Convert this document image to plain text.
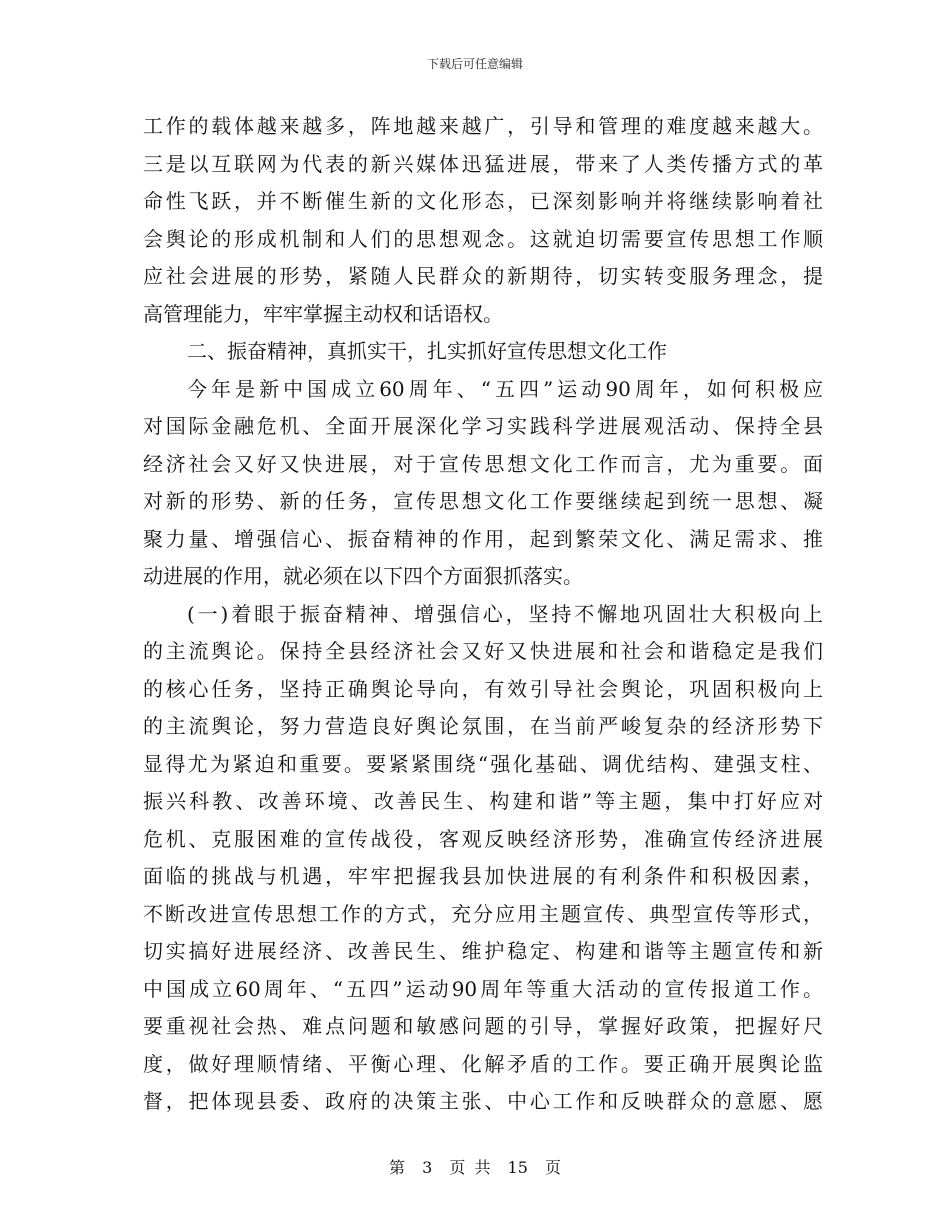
下载后可任意编辑
工作的载体越来越多，阵地越来越广，引导和管理的难度越来越大。
三是以互联网为代表的新兴媒体迅猛进展，带来了人类传播方式的革
命性飞跃，并不断催生新的文化形态，已深刻影响并将继续影响着社
会舆论的形成机制和人们的思想观念。这就迫切需要宣传思想工作顺
应社会进展的形势，紧随人民群众的新期待，切实转变服务理念，提
高管理能力，牢牢掌握主动权和话语权。
二、振奋精神，真抓实干，扎实抓好宣传思想文化工作
今年是新中国成立60周年、“五四”运动90周年，如何积极应
对国际金融危机、全面开展深化学习实践科学进展观活动、保持全县
经济社会又好又快进展，对于宣传思想文化工作而言，尤为重要。面
对新的形势、新的任务，宣传思想文化工作要继续起到统一思想、凝
聚力量、增强信心、振奋精神的作用，起到繁荣文化、满足需求、推
动进展的作用，就必须在以下四个方面狠抓落实。
(一)着眼于振奋精神、增强信心，坚持不懈地巩固壮大积极向上
的主流舆论。保持全县经济社会又好又快进展和社会和谐稳定是我们
的核心任务，坚持正确舆论导向，有效引导社会舆论，巩固积极向上
的主流舆论，努力营造良好舆论氛围，在当前严峻复杂的经济形势下
显得尤为紧迫和重要。要紧紧围绕“强化基础、调优结构、建强支柱、
振兴科教、改善环境、改善民生、构建和谐”等主题，集中打好应对
危机、克服困难的宣传战役，客观反映经济形势，准确宣传经济进展
面临的挑战与机遇，牢牢把握我县加快进展的有利条件和积极因素，
不断改进宣传思想工作的方式，充分应用主题宣传、典型宣传等形式，
切实搞好进展经济、改善民生、维护稳定、构建和谐等主题宣传和新
中国成立60周年、“五四”运动90周年等重大活动的宣传报道工作。
要重视社会热、难点问题和敏感问题的引导，掌握好政策，把握好尺
度，做好理顺情绪、平衡心理、化解矛盾的工作。要正确开展舆论监
督，把体现县委、政府的决策主张、中心工作和反映群众的意愿、愿
第 3 页 共 15 页
